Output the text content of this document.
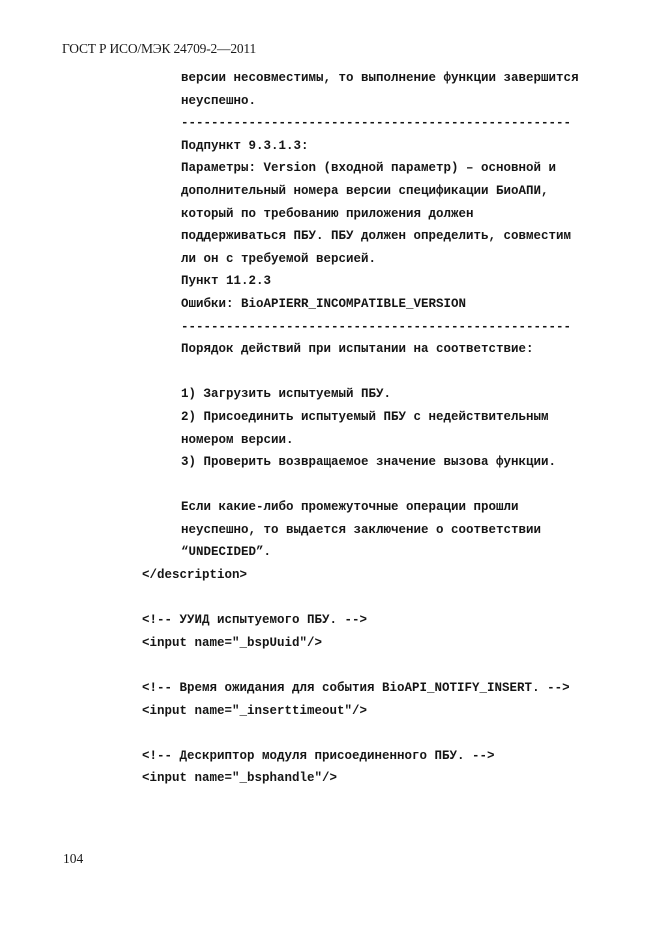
ГОСТ Р ИСО/МЭК 24709-2—2011
версии несовместимы, то выполнение функции завершится
неуспешно.
----------------------------------------------------
Подпункт 9.3.1.3:
Параметры: Version (входной параметр) – основной и
дополнительный номера версии спецификации БиоАПИ,
который по требованию приложения должен
поддерживаться ПБУ. ПБУ должен определить, совместим
ли он с требуемой версией.
Пункт 11.2.3
Ошибки: BioAPIERR_INCOMPATIBLE_VERSION
----------------------------------------------------
Порядок действий при испытании на соответствие:
1) Загрузить испытуемый ПБУ.
2) Присоединить испытуемый ПБУ с недействительным
номером версии.
3) Проверить возвращаемое значение вызова функции.
Если какие-либо промежуточные операции прошли
неуспешно, то выдается заключение о соответствии
“UNDECIDED”.
</description>
<!-- УУИД испытуемого ПБУ. -->
<input name="_bspUuid"/>
<!-- Время ожидания для события BioAPI_NOTIFY_INSERT. -->
<input name="_inserttimeout"/>
<!-- Дескриптор модуля присоединенного ПБУ. -->
<input name="_bsphandle"/>
104
